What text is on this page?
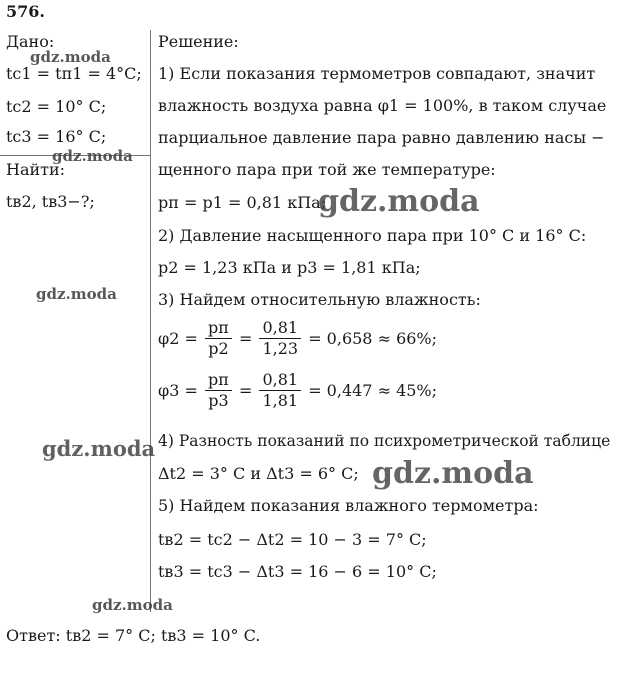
576.
Дано:
tс1 = tп1 = 4°C;
tс2 = 10° C;
tс3 = 16° C;
Найти:
tв2, tв3−?;
Решение:
1) Если показания термометров совпадают, значит
влажность воздуха равна φ1 = 100%, в таком случае
парциальное давление пара равно давлению насы −
щенного пара при той же температуре:
pп = p1 = 0,81 кПа;
2) Давление насыщенного пара при 10° C и 16° C:
p2 = 1,23 кПа и p3 = 1,81 кПа;
3) Найдем относительную влажность:
$\varphi 2 = \frac{pп}{p2} = \frac{0,81}{1,23} = 0,658 \approx 66\%$;
$\varphi 3 = \frac{pп}{p3} = \frac{0,81}{1,81} = 0,447 \approx 45\%$;
4) Разность показаний по психрометрической таблице
Δt2 = 3° C и Δt3 = 6° C;
5) Найдем показания влажного термометра:
tв2 = tс2 − Δt2 = 10 − 3 = 7° C;
tв3 = tс3 − Δt3 = 16 − 6 = 10° C;
Ответ: tв2 = 7° C; tв3 = 10° C.
gdz.moda
gdz.moda
gdz.moda
gdz.moda
gdz.moda
gdz.moda
gdz.moda
